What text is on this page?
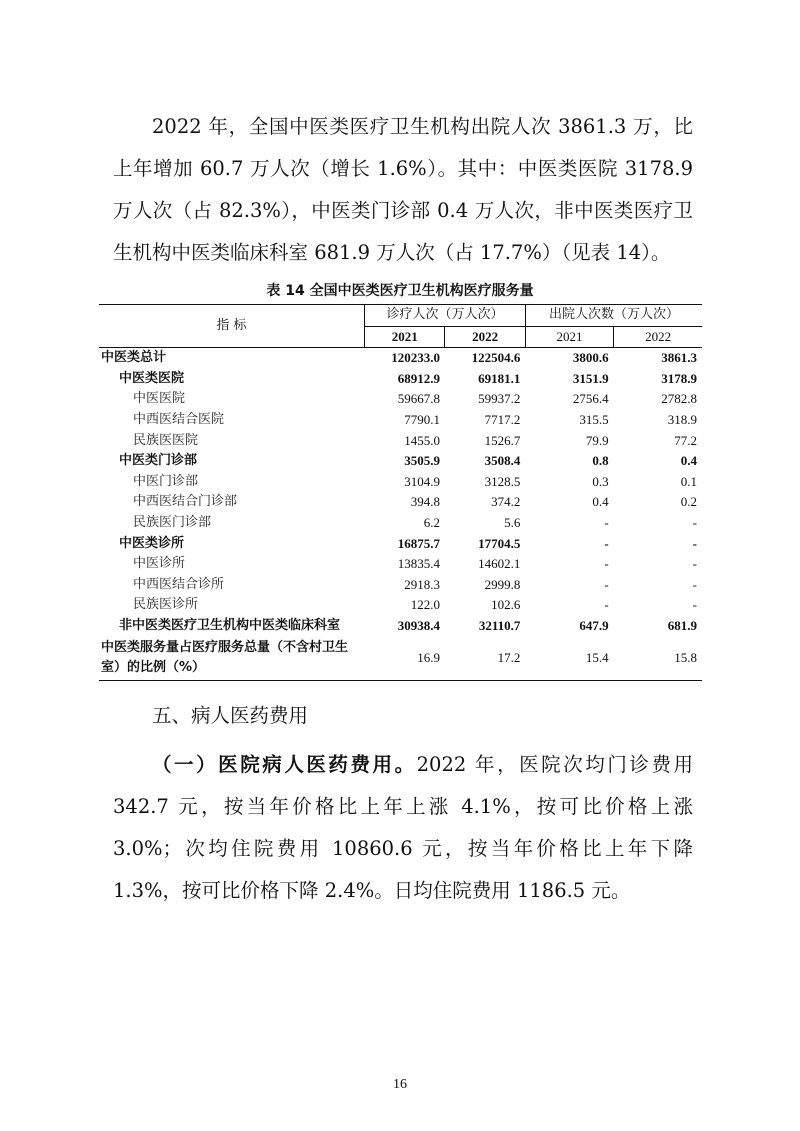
2022 年，全国中医类医疗卫生机构出院人次 3861.3 万，比上年增加 60.7 万人次（增长 1.6%）。其中：中医类医院 3178.9 万人次（占 82.3%），中医类门诊部 0.4 万人次，非中医类医疗卫生机构中医类临床科室 681.9 万人次（占 17.7%）（见表 14）。

表 14 全国中医类医疗卫生机构医疗服务量
指 标	诊疗人次（万人次）		出院人次数（万人次）	
	2021	2022	2021	2022
中医类总计	120233.0	122504.6	3800.6	3861.3
中医类医院	68912.9	69181.1	3151.9	3178.9
中医医院	59667.8	59937.2	2756.4	2782.8
中西医结合医院	7790.1	7717.2	315.5	318.9
民族医医院	1455.0	1526.7	79.9	77.2
中医类门诊部	3505.9	3508.4	0.8	0.4
中医门诊部	3104.9	3128.5	0.3	0.1
中西医结合门诊部	394.8	374.2	0.4	0.2
民族医门诊部	6.2	5.6	-	-
中医类诊所	16875.7	17704.5	-	-
中医诊所	13835.4	14602.1	-	-
中西医结合诊所	2918.3	2999.8	-	-
民族医诊所	122.0	102.6	-	-
非中医类医疗卫生机构中医类临床科室	30938.4	32110.7	647.9	681.9
中医类服务量占医疗服务总量（不含村卫生室）的比例（%）	16.9	17.2	15.4	15.8
五、病人医药费用

（一）医院病人医药费用。2022 年，医院次均门诊费用 342.7 元，按当年价格比上年上涨 4.1%，按可比价格上涨 3.0%；次均住院费用 10860.6 元，按当年价格比上年下降 1.3%，按可比价格下降 2.4%。日均住院费用 1186.5 元。

16
